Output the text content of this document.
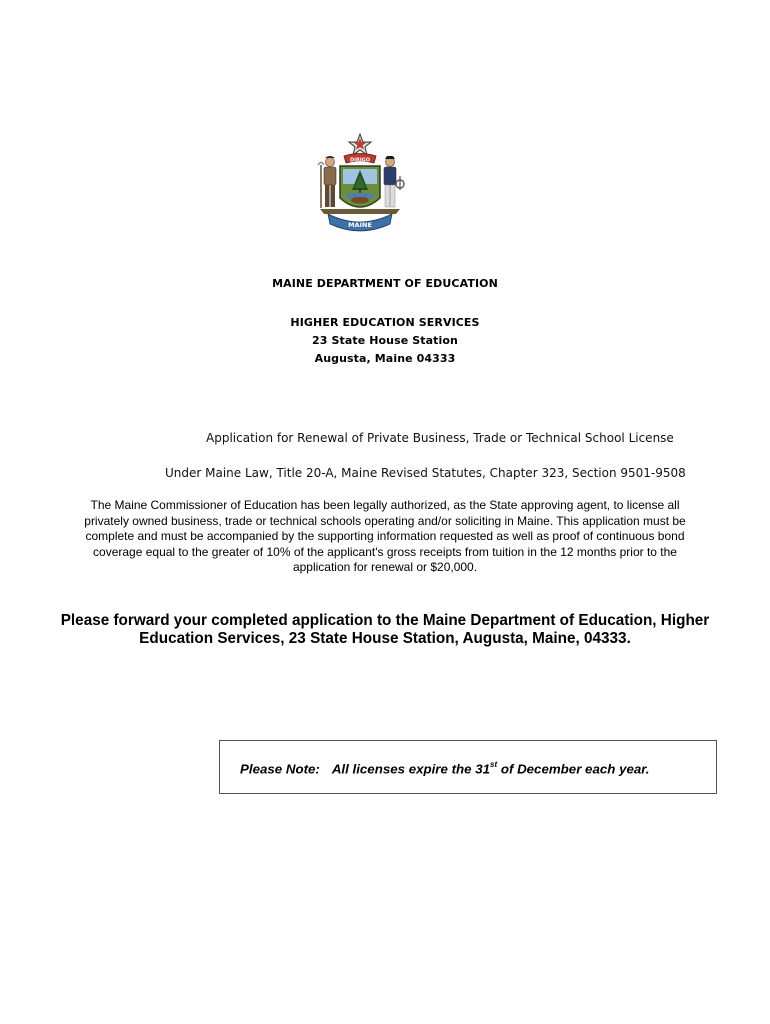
DIRIGO
MAINE
MAINE DEPARTMENT OF EDUCATION
HIGHER EDUCATION SERVICES
23 State House Station
Augusta, Maine 04333
Application for Renewal of Private Business, Trade or Technical School License
Under Maine Law, Title 20-A, Maine Revised Statutes, Chapter 323, Section 9501-9508
The Maine Commissioner of Education has been legally authorized, as the State approving agent, to license all
privately owned business, trade or technical schools operating and/or soliciting in Maine. This application must be
complete and must be accompanied by the supporting information requested as well as proof of continuous bond
coverage equal to the greater of 10% of the applicant's gross receipts from tuition in the 12 months prior to the
application for renewal or $20,000.
Please forward your completed application to the Maine Department of Education, Higher
Education Services, 23 State House Station, Augusta, Maine, 04333.
Please Note: All licenses expire the 31st of December each year.
